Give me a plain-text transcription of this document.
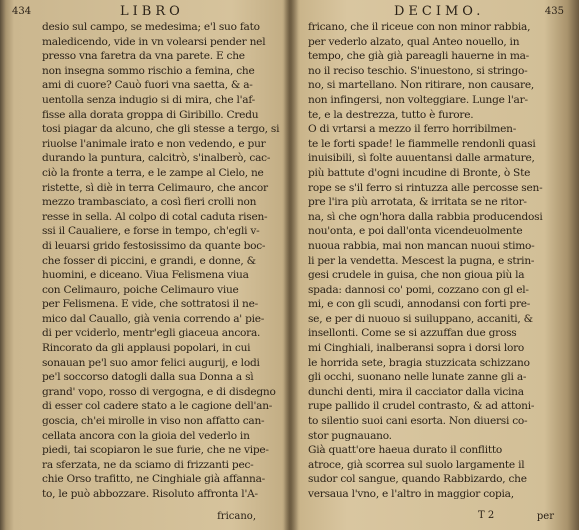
434	LIBRO
desio sul campo, se medesima; e'l suo fato
maledicendo, vide in vn volearsi pender nel
presso vna faretra da vna parete. E che
non insegna sommo rischio a femina, che
ami di cuore? Cauò fuori vna saetta, & a-
uentolla senza indugio si di mira, che l'af-
fisse alla dorata groppa di Giribillo. Credu
tosi piagar da alcuno, che gli stesse a tergo, si
riuolse l'animale irato e non vedendo, e pur
durando la puntura, calcitrò, s'inalberò, cac-
ciò la fronte a terra, e le zampe al Cielo, ne
ristette, sì diè in terra Celimauro, che ancor
mezzo trambasciato, a così fieri crolli non
resse in sella. Al colpo di cotal caduta risen-
ssi il Caualiere, e forse in tempo, ch'egli v-
di leuarsi grido festosissimo da quante boc-
che fosser di piccini, e grandi, e donne, &
huomini, e diceano. Viua Felismena viua
con Celimauro, poiche Celimauro viue
per Felismena. E vide, che sottratosi il ne-
mico dal Cauallo, già venia correndo a' pie-
di per vciderlo, mentr'egli giaceua ancora.
Rincorato da gli applausi popolari, in cui
sonauan pe'l suo amor felici augurij, e lodi
pe'l soccorso datogli dalla sua Donna a sì
grand' vopo, rosso di vergogna, e di disdegno
di esser col cadere stato a le cagione dell'an-
goscia, ch'ei mirolle in viso non affatto can-
cellata ancora con la gioia del vederlo in
piedi, tai scopiaron le sue furie, che ne vipe-
ra sferzata, ne da sciamo di frizzanti pec-
chie Orso trafitto, ne Cinghiale già affanna-
to, le può abbozzare. Risoluto affronta l'A-
fricano,
DECIMO.	435
fricano, che il riceue con non minor rabbia,
per vederlo alzato, qual Anteo nouello, in
tempo, che già già pareagli hauerne in ma-
no il reciso teschio. S'inuestono, si stringo-
no, si martellano. Non ritirare, non causare,
non infingersi, non volteggiare. Lunge l'ar-
te, e la destrezza, tutto è furore.
O di vrtarsi a mezzo il ferro horribilmen-
te le forti spade! le fiammelle rendonli quasi
inuisibili, sì folte auuentansi dalle armature,
più battute d'ogni incudine di Bronte, ò Ste
rope se s'il ferro si rintuzza alle percosse sen-
pre l'ira più arrotata, & irritata se ne ritor-
na, sì che ogn'hora dalla rabbia producendosi
nou'onta, e poi dall'onta vicendeuolmente
nuoua rabbia, mai non mancan nuoui stimo-
li per la vendetta. Mescest la pugna, e strin-
gesi crudele in guisa, che non gioua più la
spada: dannosi co' pomi, cozzano con gl el-
mi, e con gli scudi, annodansi con forti pre-
se, e per di nuouo si suiluppano, accaniti, &
insellonti. Come se si azzuffan due gross
mi Cinghiali, inalberansi sopra i dorsi loro
le horrida sete, bragia stuzzicata schizzano
gli occhi, suonano nelle lunate zanne gli a-
dunchi denti, mira il cacciator dalla vicina
rupe pallido il crudel contrasto, & ad attoni-
to silentio suoi cani esorta. Non diuersi co-
stor pugnauano.
Già quatt'ore haeua durato il conflitto
atroce, già scorrea sul suolo largamente il
sudor col sangue, quando Rabbizardo, che
versaua l'vno, e l'altro in maggior copia,
T 2	per
